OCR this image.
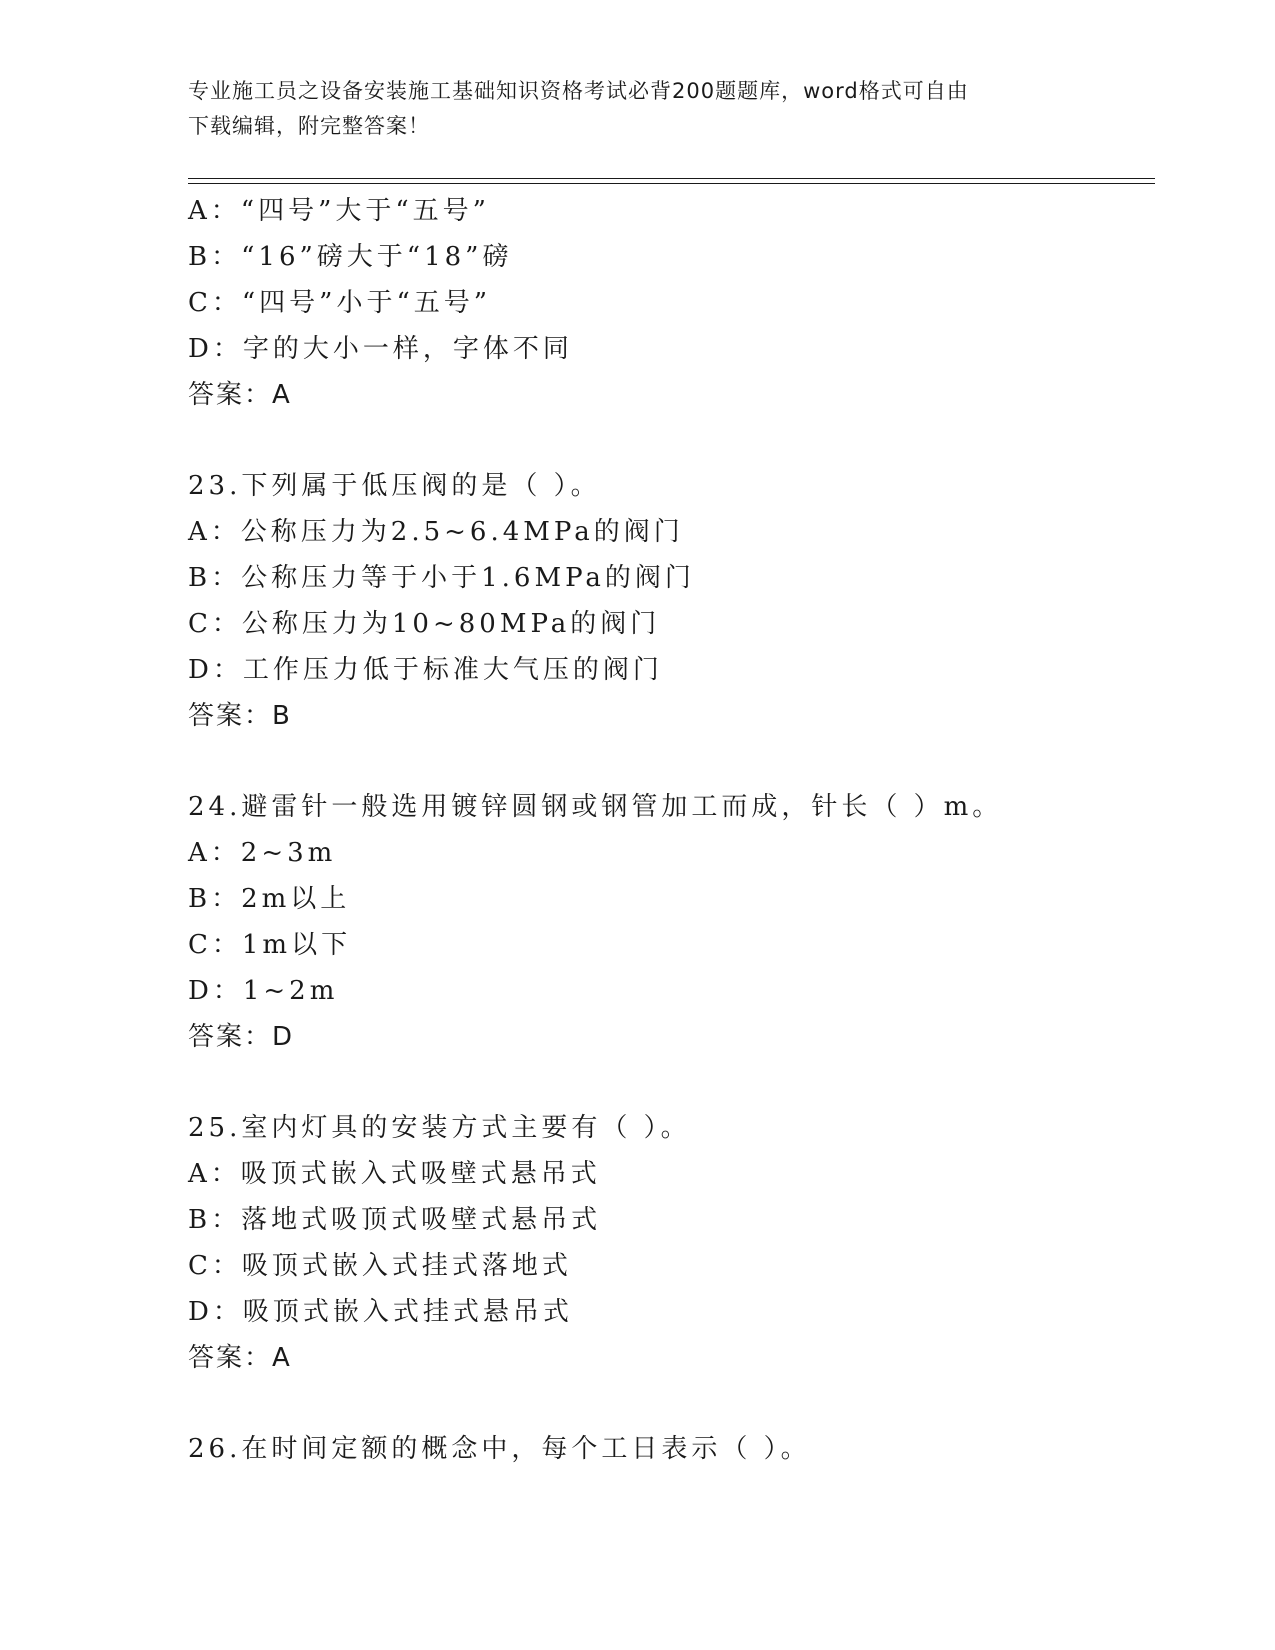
专业施工员之设备安装施工基础知识资格考试必背200题题库，word格式可自由
下载编辑，附完整答案！
A：“四号”大于“五号”
B：“16”磅大于“18”磅
C：“四号”小于“五号”
D：字的大小一样，字体不同
答案：A
23.下列属于低压阀的是（ ）。
A：公称压力为2.5~6.4MPa的阀门
B：公称压力等于小于1.6MPa的阀门
C：公称压力为10~80MPa的阀门
D：工作压力低于标准大气压的阀门
答案：B
24.避雷针一般选用镀锌圆钢或钢管加工而成，针长（ ）m。
A：2~3m
B：2m以上
C：1m以下
D：1~2m
答案：D
25.室内灯具的安装方式主要有（ ）。
A：吸顶式嵌入式吸壁式悬吊式
B：落地式吸顶式吸壁式悬吊式
C：吸顶式嵌入式挂式落地式
D：吸顶式嵌入式挂式悬吊式
答案：A
26.在时间定额的概念中，每个工日表示（ ）。
